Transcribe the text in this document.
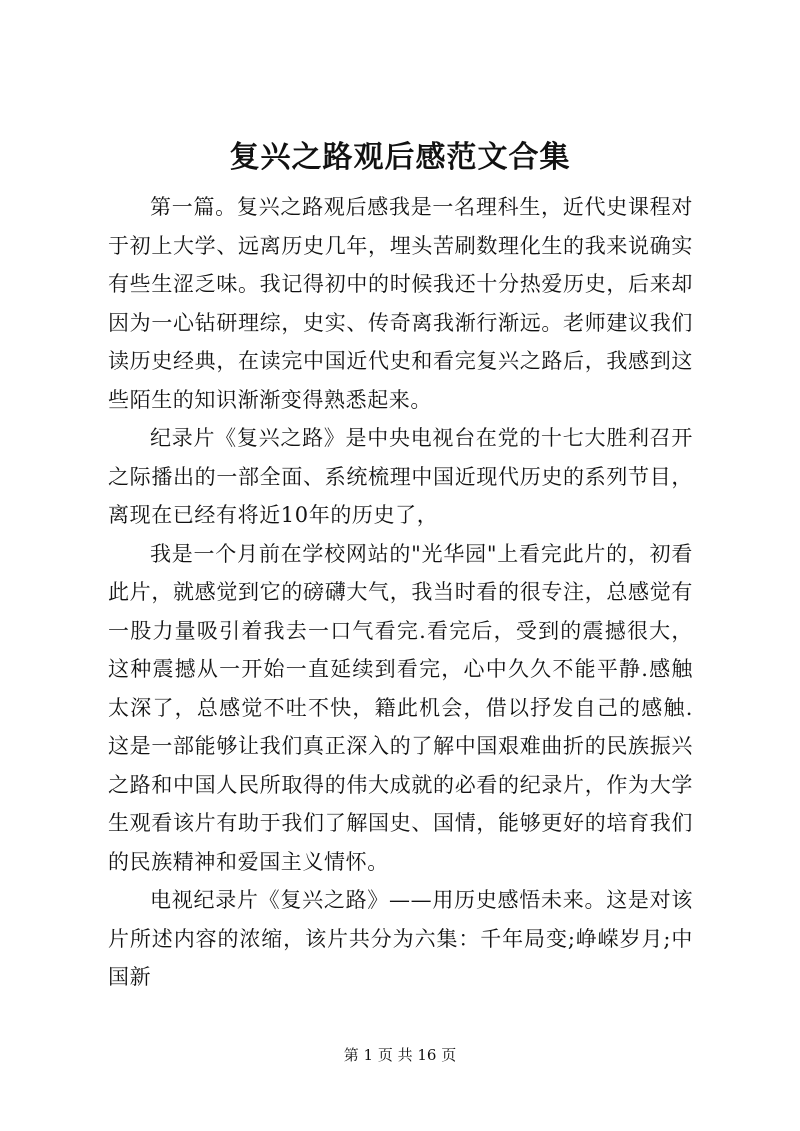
复兴之路观后感范文合集

第一篇。复兴之路观后感我是一名理科生，近代史课程对于初上大学、远离历史几年，埋头苦刷数理化生的我来说确实有些生涩乏味。我记得初中的时候我还十分热爱历史，后来却因为一心钻研理综，史实、传奇离我渐行渐远。老师建议我们读历史经典，在读完中国近代史和看完复兴之路后，我感到这些陌生的知识渐渐变得熟悉起来。

纪录片《复兴之路》是中央电视台在党的十七大胜利召开之际播出的一部全面、系统梳理中国近现代历史的系列节目，离现在已经有将近10年的历史了，

我是一个月前在学校网站的"光华园"上看完此片的，初看此片，就感觉到它的磅礴大气，我当时看的很专注，总感觉有一股力量吸引着我去一口气看完.看完后，受到的震撼很大，这种震撼从一开始一直延续到看完，心中久久不能平静.感触太深了，总感觉不吐不快，籍此机会，借以抒发自己的感触.这是一部能够让我们真正深入的了解中国艰难曲折的民族振兴之路和中国人民所取得的伟大成就的必看的纪录片，作为大学生观看该片有助于我们了解国史、国情，能够更好的培育我们的民族精神和爱国主义情怀。

电视纪录片《复兴之路》——用历史感悟未来。这是对该片所述内容的浓缩，该片共分为六集：千年局变;峥嵘岁月;中国新

第 1 页 共 16 页
